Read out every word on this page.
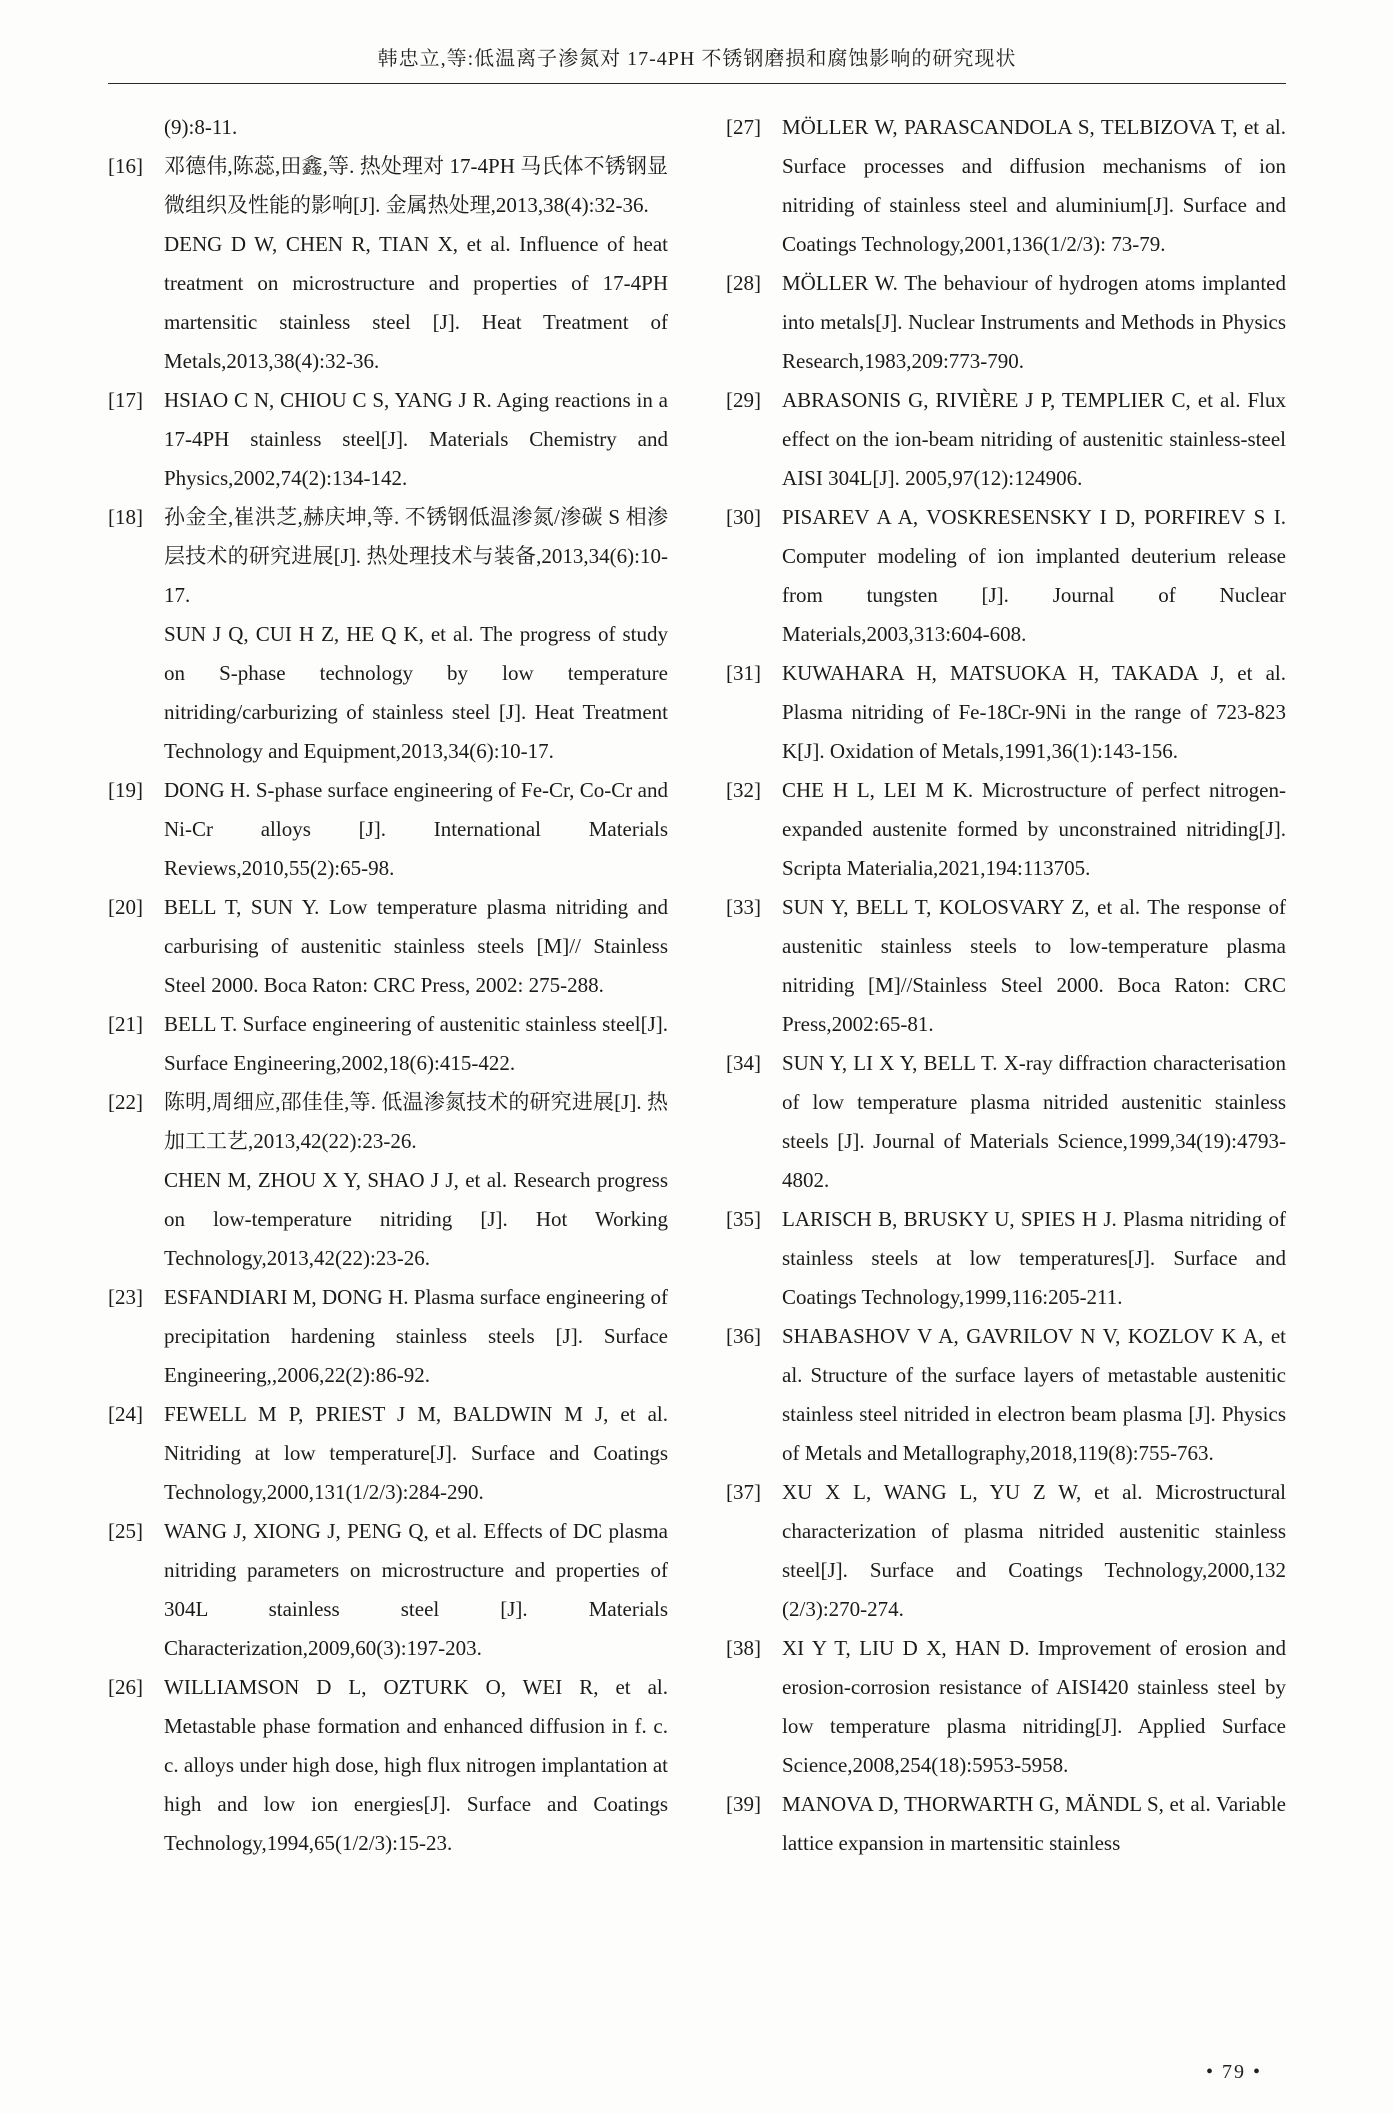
韩忠立,等:低温离子渗氮对 17-4PH 不锈钢磨损和腐蚀影响的研究现状

(9):8-11.

[16] 邓德伟,陈蕊,田鑫,等. 热处理对 17-4PH 马氏体不锈钢显微组织及性能的影响[J]. 金属热处理,2013,38(4):32-36.

DENG D W, CHEN R, TIAN X, et al. Influence of heat treatment on microstructure and properties of 17-4PH martensitic stainless steel [J]. Heat Treatment of Metals,2013,38(4):32-36.

[17] HSIAO C N, CHIOU C S, YANG J R. Aging reactions in a 17-4PH stainless steel[J]. Materials Chemistry and Physics,2002,74(2):134-142.

[18] 孙金全,崔洪芝,赫庆坤,等. 不锈钢低温渗氮/渗碳 S 相渗层技术的研究进展[J]. 热处理技术与装备,2013,34(6):10-17.

SUN J Q, CUI H Z, HE Q K, et al. The progress of study on S-phase technology by low temperature nitriding/carburizing of stainless steel [J]. Heat Treatment Technology and Equipment,2013,34(6):10-17.

[19] DONG H. S-phase surface engineering of Fe-Cr, Co-Cr and Ni-Cr alloys [J]. International Materials Reviews,2010,55(2):65-98.

[20] BELL T, SUN Y. Low temperature plasma nitriding and carburising of austenitic stainless steels [M]// Stainless Steel 2000. Boca Raton: CRC Press, 2002: 275-288.

[21] BELL T. Surface engineering of austenitic stainless steel[J]. Surface Engineering,2002,18(6):415-422.

[22] 陈明,周细应,邵佳佳,等. 低温渗氮技术的研究进展[J]. 热加工工艺,2013,42(22):23-26.

CHEN M, ZHOU X Y, SHAO J J, et al. Research progress on low-temperature nitriding [J]. Hot Working Technology,2013,42(22):23-26.

[23] ESFANDIARI M, DONG H. Plasma surface engineering of precipitation hardening stainless steels [J]. Surface Engineering,,2006,22(2):86-92.

[24] FEWELL M P, PRIEST J M, BALDWIN M J, et al. Nitriding at low temperature[J]. Surface and Coatings Technology,2000,131(1/2/3):284-290.

[25] WANG J, XIONG J, PENG Q, et al. Effects of DC plasma nitriding parameters on microstructure and properties of 304L stainless steel [J]. Materials Characterization,2009,60(3):197-203.

[26] WILLIAMSON D L, OZTURK O, WEI R, et al. Metastable phase formation and enhanced diffusion in f. c. c. alloys under high dose, high flux nitrogen implantation at high and low ion energies[J]. Surface and Coatings Technology,1994,65(1/2/3):15-23.

[27] MÖLLER W, PARASCANDOLA S, TELBIZOVA T, et al. Surface processes and diffusion mechanisms of ion nitriding of stainless steel and aluminium[J]. Surface and Coatings Technology,2001,136(1/2/3): 73-79.

[28] MÖLLER W. The behaviour of hydrogen atoms implanted into metals[J]. Nuclear Instruments and Methods in Physics Research,1983,209:773-790.

[29] ABRASONIS G, RIVIÈRE J P, TEMPLIER C, et al. Flux effect on the ion-beam nitriding of austenitic stainless-steel AISI 304L[J]. 2005,97(12):124906.

[30] PISAREV A A, VOSKRESENSKY I D, PORFIREV S I. Computer modeling of ion implanted deuterium release from tungsten [J]. Journal of Nuclear Materials,2003,313:604-608.

[31] KUWAHARA H, MATSUOKA H, TAKADA J, et al. Plasma nitriding of Fe-18Cr-9Ni in the range of 723-823 K[J]. Oxidation of Metals,1991,36(1):143-156.

[32] CHE H L, LEI M K. Microstructure of perfect nitrogen-expanded austenite formed by unconstrained nitriding[J]. Scripta Materialia,2021,194:113705.

[33] SUN Y, BELL T, KOLOSVARY Z, et al. The response of austenitic stainless steels to low-temperature plasma nitriding [M]//Stainless Steel 2000. Boca Raton: CRC Press,2002:65-81.

[34] SUN Y, LI X Y, BELL T. X-ray diffraction characterisation of low temperature plasma nitrided austenitic stainless steels [J]. Journal of Materials Science,1999,34(19):4793-4802.

[35] LARISCH B, BRUSKY U, SPIES H J. Plasma nitriding of stainless steels at low temperatures[J]. Surface and Coatings Technology,1999,116:205-211.

[36] SHABASHOV V A, GAVRILOV N V, KOZLOV K A, et al. Structure of the surface layers of metastable austenitic stainless steel nitrided in electron beam plasma [J]. Physics of Metals and Metallography,2018,119(8):755-763.

[37] XU X L, WANG L, YU Z W, et al. Microstructural characterization of plasma nitrided austenitic stainless steel[J]. Surface and Coatings Technology,2000,132 (2/3):270-274.

[38] XI Y T, LIU D X, HAN D. Improvement of erosion and erosion-corrosion resistance of AISI420 stainless steel by low temperature plasma nitriding[J]. Applied Surface Science,2008,254(18):5953-5958.

[39] MANOVA D, THORWARTH G, MÄNDL S, et al. Variable lattice expansion in martensitic stainless

• 79 •
